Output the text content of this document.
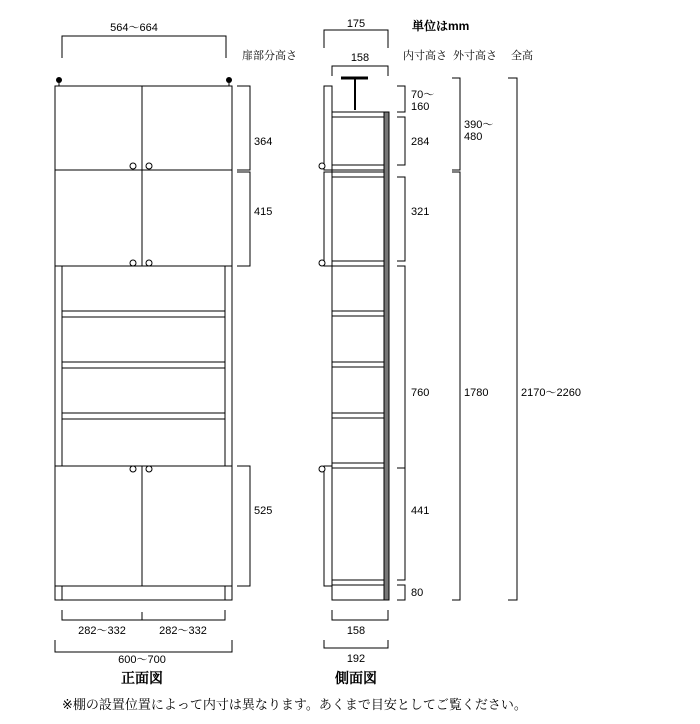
564～664
364
415
525
282～332	282～332
600～700
正面図
175
158
単位はmm
扉部分高さ	内寸高さ 外寸高さ 全高
70～
160
284
321
760
441
80
390～
480
1780	2170～2260
158
192
側面図
※棚の設置位置によって内寸は異なります。あくまで目安としてご覧ください。
